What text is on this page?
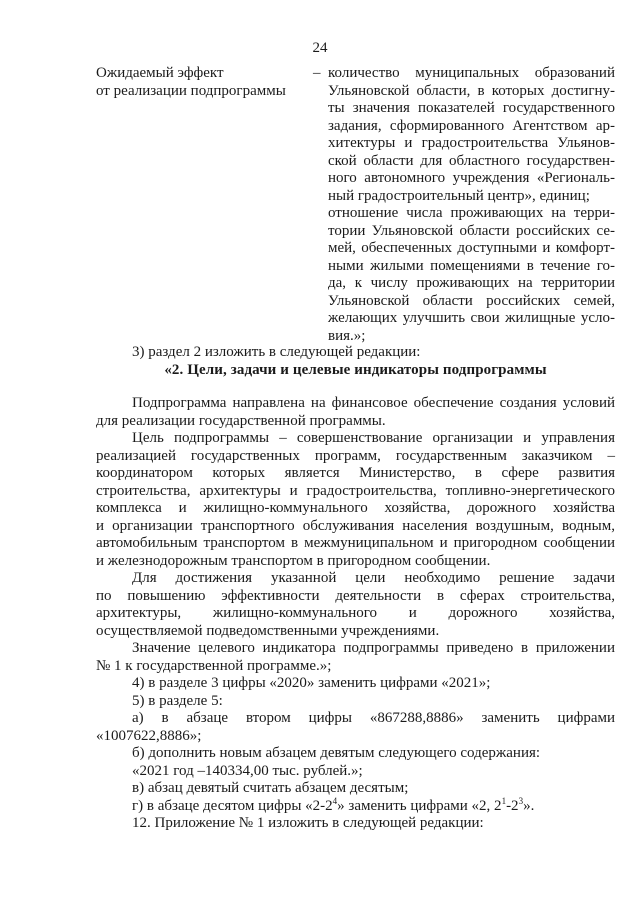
24
Ожидаемый эффект
от реализации подпрограммы
– количество муниципальных образований
Ульяновской области, в которых достигну-
ты значения показателей государственного
задания, сформированного Агентством ар-
хитектуры и градостроительства Ульянов-
ской области для областного государствен-
ного автономного учреждения «Региональ-
ный градостроительный центр», единиц;
отношение числа проживающих на терри-
тории Ульяновской области российских се-
мей, обеспеченных доступными и комфорт-
ными жилыми помещениями в течение го-
да, к числу проживающих на территории
Ульяновской области российских семей,
желающих улучшить свои жилищные усло-
вия.»;

3) раздел 2 изложить в следующей редакции:

«2. Цели, задачи и целевые индикаторы подпрограммы

Подпрограмма направлена на финансовое обеспечение создания условий
для реализации государственной программы.
Цель подпрограммы – совершенствование организации и управления
реализацией государственных программ, государственным заказчиком –
координатором которых является Министерство, в сфере развития
строительства, архитектуры и градостроительства, топливно-энергетического
комплекса и жилищно-коммунального хозяйства, дорожного хозяйства
и организации транспортного обслуживания населения воздушным, водным,
автомобильным транспортом в межмуниципальном и пригородном сообщении
и железнодорожным транспортом в пригородном сообщении.
Для достижения указанной цели необходимо решение задачи
по повышению эффективности деятельности в сферах строительства,
архитектуры, жилищно-коммунального и дорожного хозяйства,
осуществляемой подведомственными учреждениями.
Значение целевого индикатора подпрограммы приведено в приложении
№ 1 к государственной программе.»;

4) в разделе 3 цифры «2020» заменить цифрами «2021»;

5) в разделе 5:

а) в абзаце втором цифры «867288,8886» заменить цифрами
«1007622,8886»;

б) дополнить новым абзацем девятым следующего содержания:

«2021 год –140334,00 тыс. рублей.»;

в) абзац девятый считать абзацем десятым;

г) в абзаце десятом цифры «$2-2^4$» заменить цифрами «2, $2^1-2^3$».

12. Приложение № 1 изложить в следующей редакции:
